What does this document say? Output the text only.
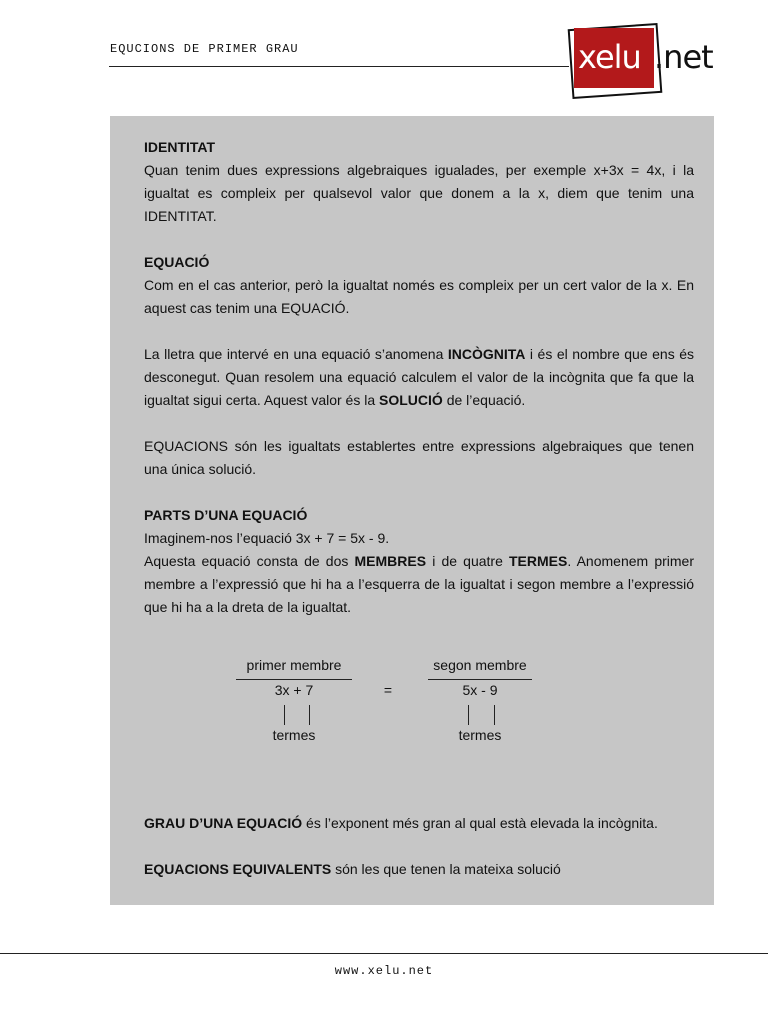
EQUCIONS DE PRIMER GRAU	xelu .net

IDENTITAT

Quan tenim dues expressions algebraiques igualades, per exemple x+3x = 4x, i la igualtat es compleix per qualsevol valor que donem a la x, diem que tenim una IDENTITAT.

EQUACIÓ

Com en el cas anterior, però la igualtat només es compleix per un cert valor de la x. En aquest cas tenim una EQUACIÓ.

La lletra que intervé en una equació s’anomena INCÒGNITA i és el nombre que ens és desconegut. Quan resolem una equació calculem el valor de la incògnita que fa que la igualtat sigui certa. Aquest valor és la SOLUCIÓ de l’equació.

EQUACIONS són les igualtats establertes entre expressions algebraiques que tenen una única solució.

PARTS D’UNA EQUACIÓ

Imaginem-nos l’equació 3x + 7 = 5x - 9.

Aquesta equació consta de dos MEMBRES i de quatre TERMES. Anomenem primer membre a l’expressió que hi ha a l’esquerra de la igualtat i segon membre a l’expressió que hi ha a la dreta de la igualtat.

primer membre
3x + 7	=
segon membre
5x - 9
termes	termes

GRAU D’UNA EQUACIÓ és l’exponent més gran al qual està elevada la incògnita.

EQUACIONS EQUIVALENTS són les que tenen la mateixa solució

www.xelu.net
